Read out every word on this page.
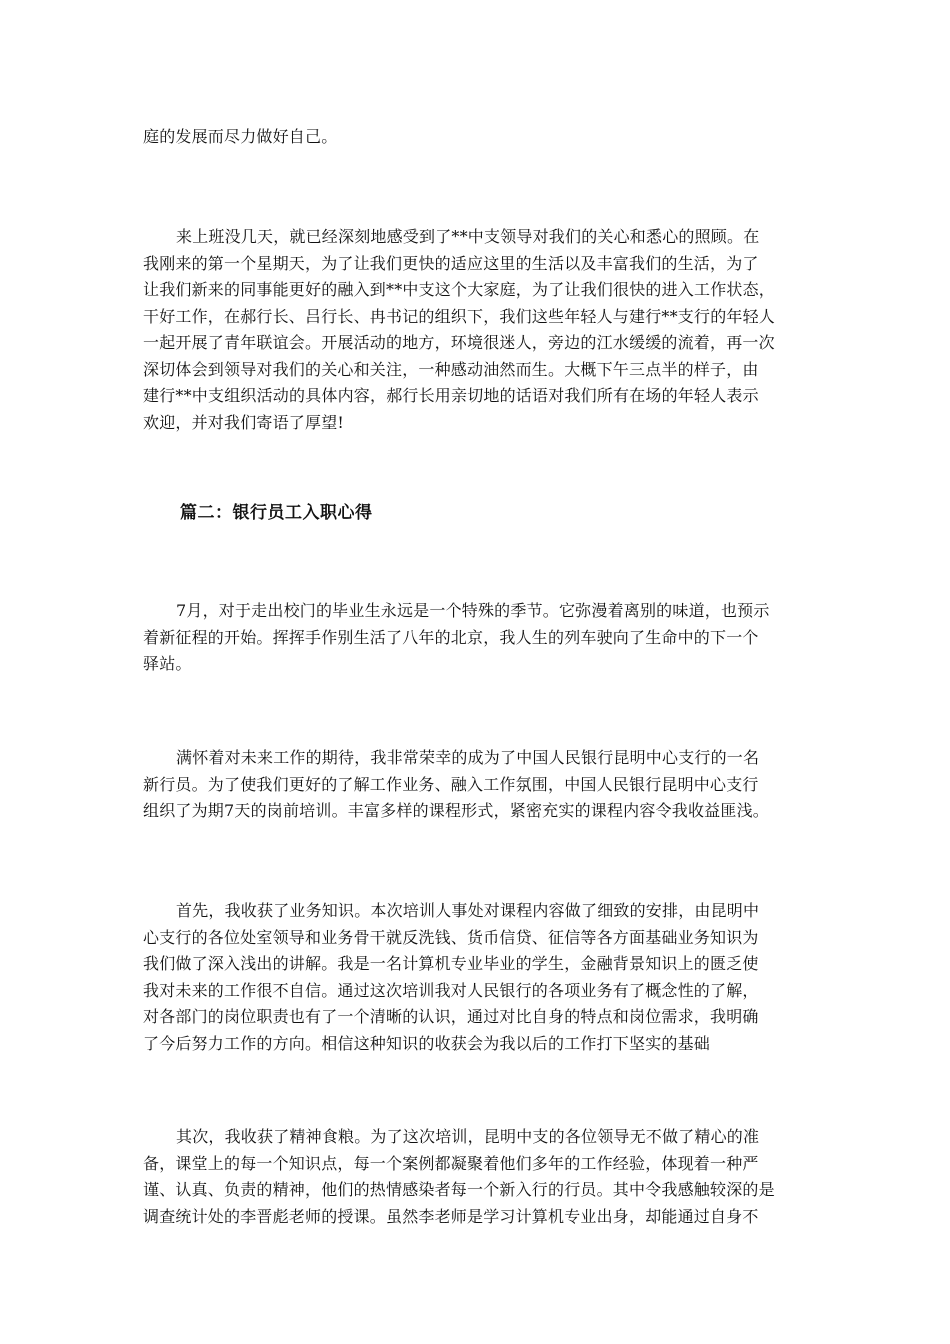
庭的发展而尽力做好自己。
来上班没几天，就已经深刻地感受到了**中支领导对我们的关心和悉心的照顾。在
我刚来的第一个星期天，为了让我们更快的适应这里的生活以及丰富我们的生活，为了
让我们新来的同事能更好的融入到**中支这个大家庭，为了让我们很快的进入工作状态，
干好工作，在郝行长、吕行长、冉书记的组织下，我们这些年轻人与建行**支行的年轻人
一起开展了青年联谊会。开展活动的地方，环境很迷人，旁边的江水缓缓的流着，再一次
深切体会到领导对我们的关心和关注，一种感动油然而生。大概下午三点半的样子，由
建行**中支组织活动的具体内容，郝行长用亲切地的话语对我们所有在场的年轻人表示
欢迎，并对我们寄语了厚望!
篇二：银行员工入职心得
7月，对于走出校门的毕业生永远是一个特殊的季节。它弥漫着离别的味道，也预示
着新征程的开始。挥挥手作别生活了八年的北京，我人生的列车驶向了生命中的下一个
驿站。
满怀着对未来工作的期待，我非常荣幸的成为了中国人民银行昆明中心支行的一名
新行员。为了使我们更好的了解工作业务、融入工作氛围，中国人民银行昆明中心支行
组织了为期7天的岗前培训。丰富多样的课程形式，紧密充实的课程内容令我收益匪浅。
首先，我收获了业务知识。本次培训人事处对课程内容做了细致的安排，由昆明中
心支行的各位处室领导和业务骨干就反洗钱、货币信贷、征信等各方面基础业务知识为
我们做了深入浅出的讲解。我是一名计算机专业毕业的学生，金融背景知识上的匮乏使
我对未来的工作很不自信。通过这次培训我对人民银行的各项业务有了概念性的了解，
对各部门的岗位职责也有了一个清晰的认识，通过对比自身的特点和岗位需求，我明确
了今后努力工作的方向。相信这种知识的收获会为我以后的工作打下坚实的基础
其次，我收获了精神食粮。为了这次培训，昆明中支的各位领导无不做了精心的准
备，课堂上的每一个知识点，每一个案例都凝聚着他们多年的工作经验，体现着一种严
谨、认真、负责的精神，他们的热情感染者每一个新入行的行员。其中令我感触较深的是
调查统计处的李晋彪老师的授课。虽然李老师是学习计算机专业出身，却能通过自身不
